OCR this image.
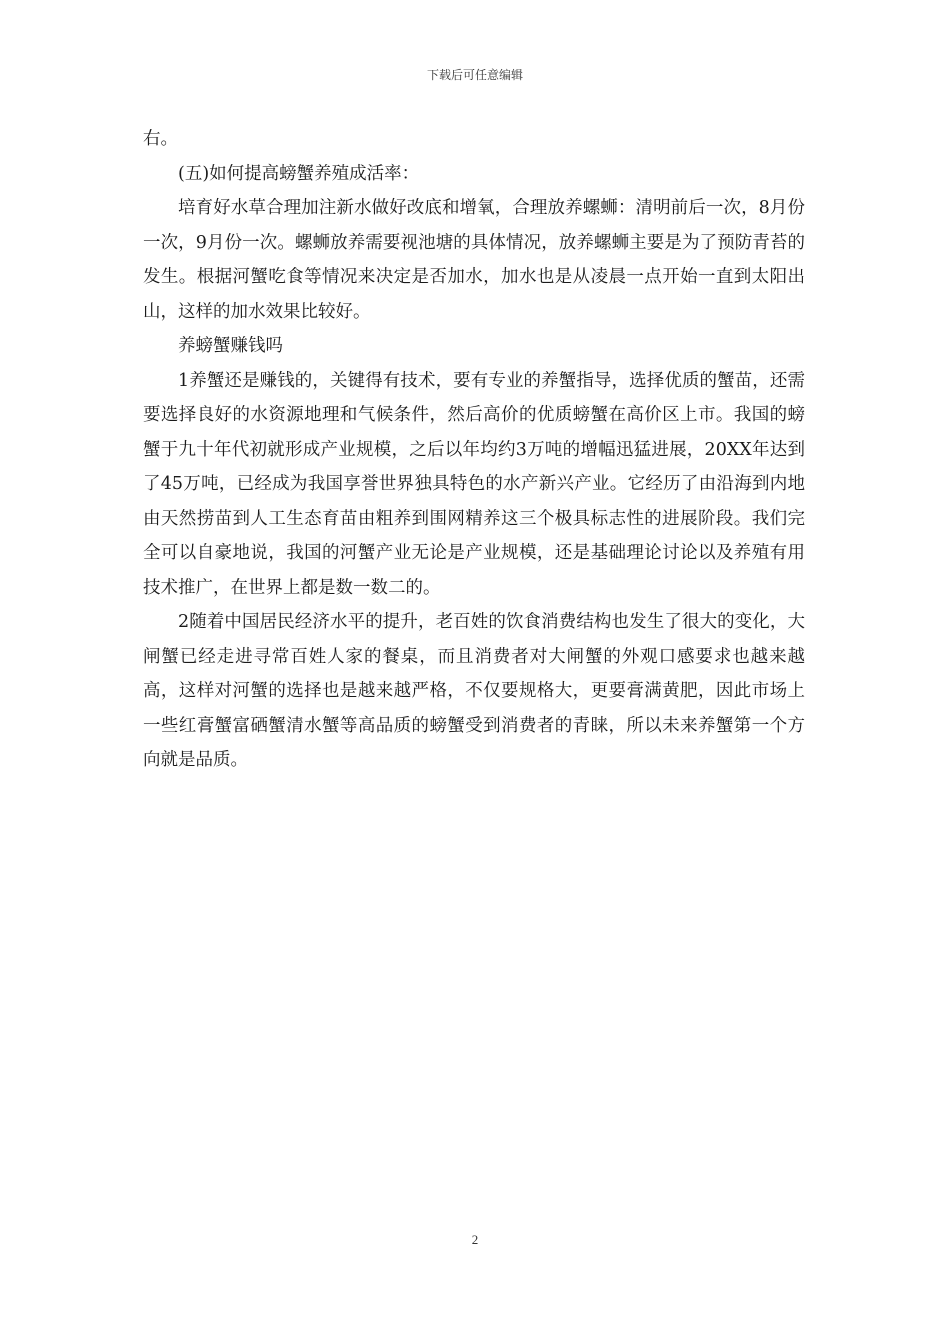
下载后可任意编辑

右。

(五)如何提高螃蟹养殖成活率：

培育好水草合理加注新水做好改底和增氧，合理放养螺蛳：清明前后一次，8月份一次，9月份一次。螺蛳放养需要视池塘的具体情况，放养螺蛳主要是为了预防青苔的发生。根据河蟹吃食等情况来决定是否加水，加水也是从凌晨一点开始一直到太阳出山，这样的加水效果比较好。

养螃蟹赚钱吗

1养蟹还是赚钱的，关键得有技术，要有专业的养蟹指导，选择优质的蟹苗，还需要选择良好的水资源地理和气候条件，然后高价的优质螃蟹在高价区上市。我国的螃蟹于九十年代初就形成产业规模，之后以年均约3万吨的增幅迅猛进展，20XX年达到了45万吨，已经成为我国享誉世界独具特色的水产新兴产业。它经历了由沿海到内地由天然捞苗到人工生态育苗由粗养到围网精养这三个极具标志性的进展阶段。我们完全可以自豪地说，我国的河蟹产业无论是产业规模，还是基础理论讨论以及养殖有用技术推广，在世界上都是数一数二的。

2随着中国居民经济水平的提升，老百姓的饮食消费结构也发生了很大的变化，大闸蟹已经走进寻常百姓人家的餐桌，而且消费者对大闸蟹的外观口感要求也越来越高，这样对河蟹的选择也是越来越严格，不仅要规格大，更要膏满黄肥，因此市场上一些红膏蟹富硒蟹清水蟹等高品质的螃蟹受到消费者的青睐，所以未来养蟹第一个方向就是品质。

2
